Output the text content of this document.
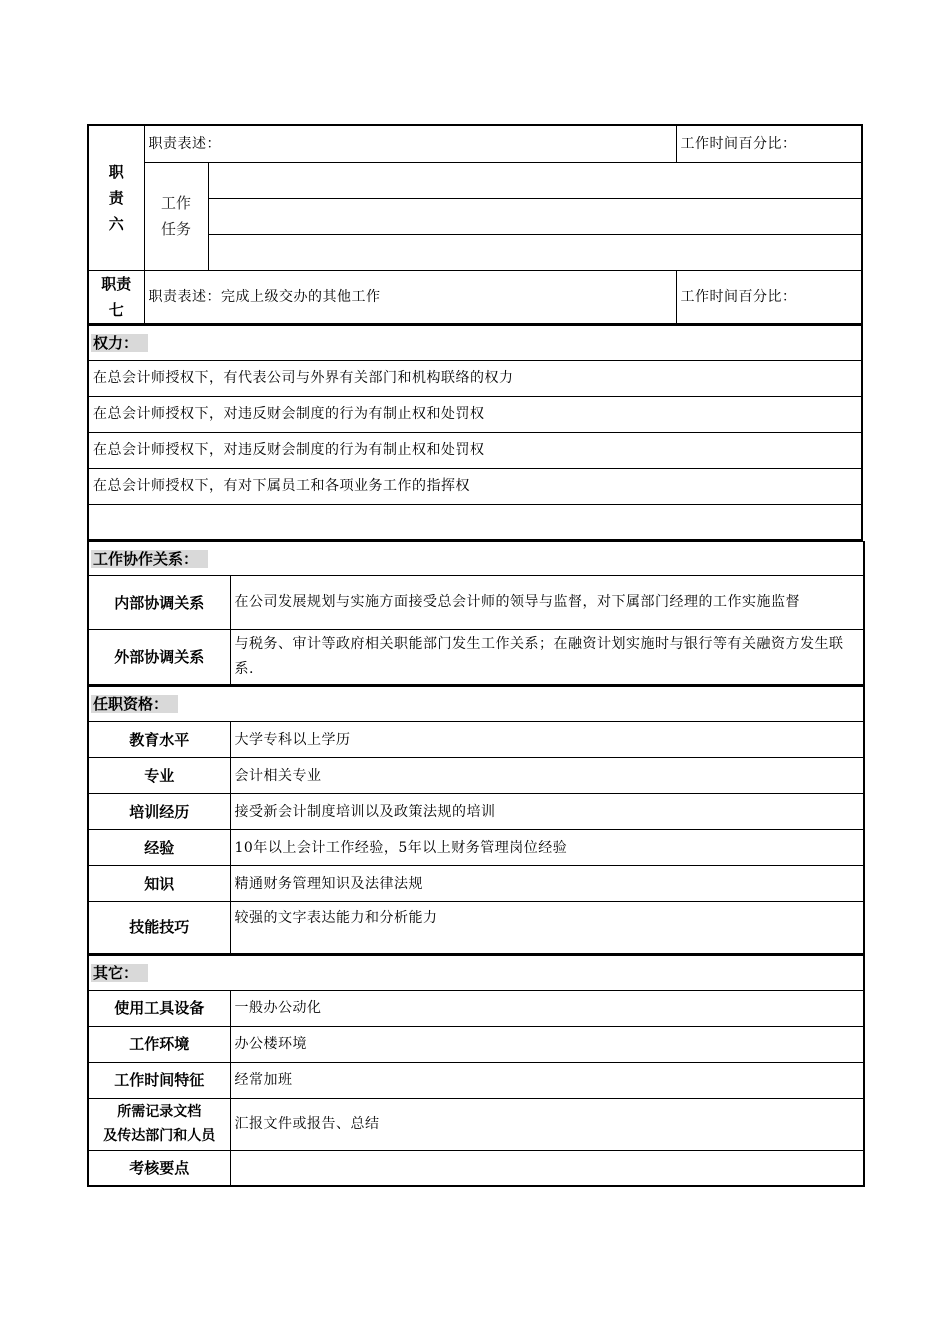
职
责
六	职责表述：		工作时间百分比：
	工作
任务		

职责
七	职责表述：完成上级交办的其他工作		工作时间百分比：
权力：
在总会计师授权下，有代表公司与外界有关部门和机构联络的权力
在总会计师授权下，对违反财会制度的行为有制止权和处罚权
在总会计师授权下，对违反财会制度的行为有制止权和处罚权
在总会计师授权下，有对下属员工和各项业务工作的指挥权

工作协作关系：	
内部协调关系	在公司发展规划与实施方面接受总会计师的领导与监督，对下属部门经理的工作实施监督
外部协调关系	与税务、审计等政府相关职能部门发生工作关系；在融资计划实施时与银行等有关融资方发生联系.
任职资格：	
教育水平	大学专科以上学历
专业	会计相关专业
培训经历	接受新会计制度培训以及政策法规的培训
经验	10年以上会计工作经验，5年以上财务管理岗位经验
知识	精通财务管理知识及法律法规
技能技巧	较强的文字表达能力和分析能力
其它：	
使用工具设备	一般办公动化
工作环境	办公楼环境
工作时间特征	经常加班
所需记录文档
及传达部门和人员	汇报文件或报告、总结
考核要点	
